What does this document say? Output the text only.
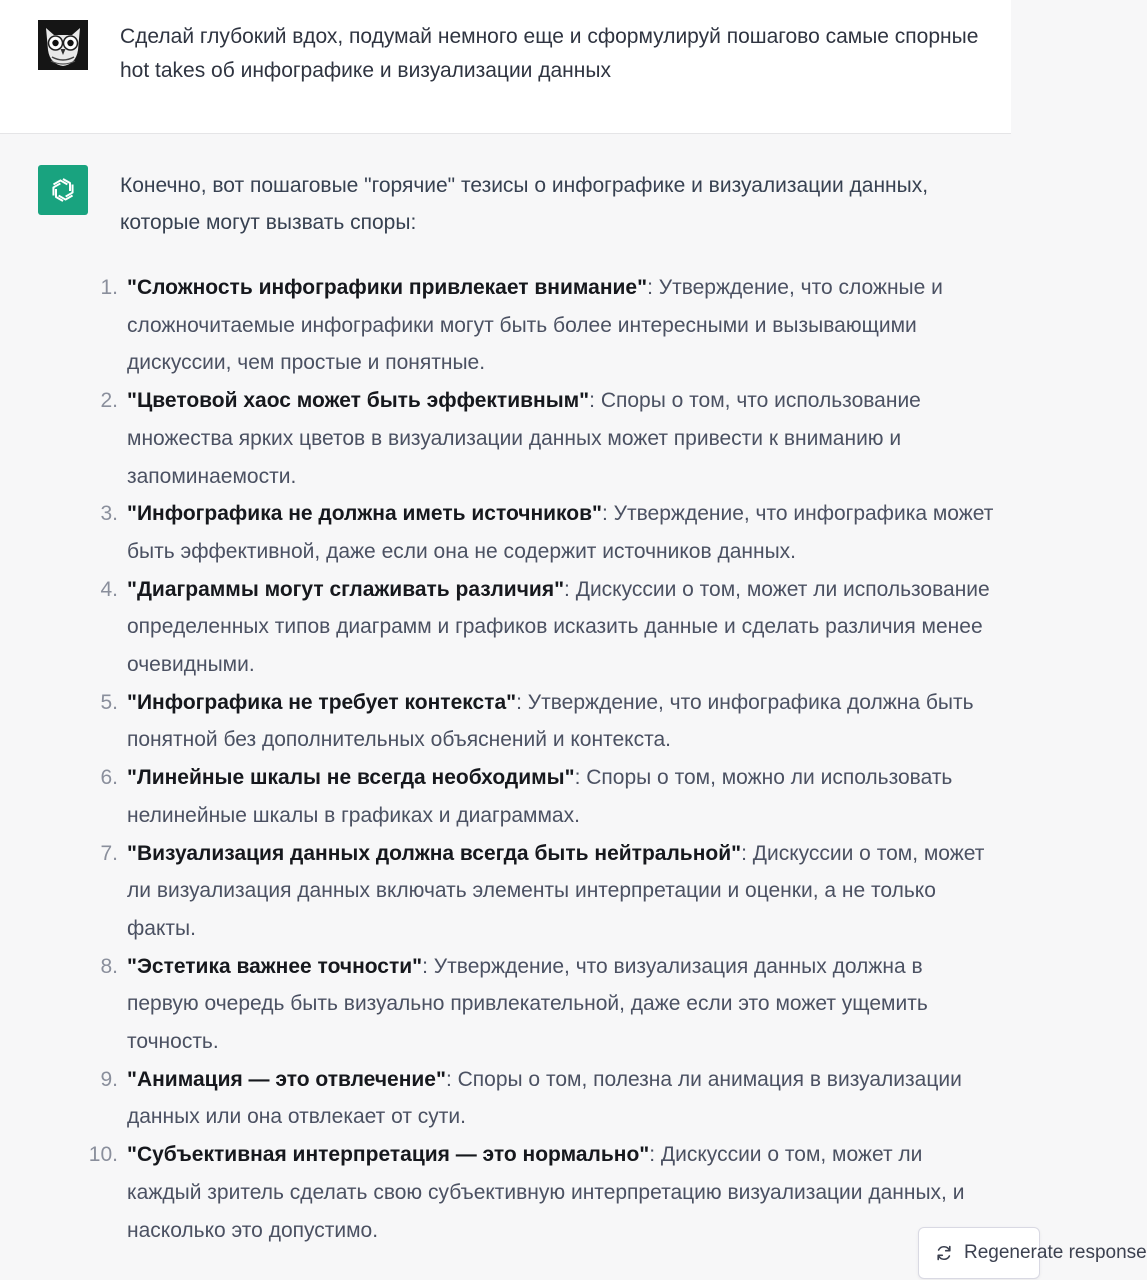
Сделай глубокий вдох, подумай немного еще и сформулируй пошагово самые спорные hot takes об инфографике и визуализации данных

Конечно, вот пошаговые "горячие" тезисы о инфографике и визуализации данных, которые могут вызвать споры:

1. "Сложность инфографики привлекает внимание": Утверждение, что сложные и сложночитаемые инфографики могут быть более интересными и вызывающими дискуссии, чем простые и понятные.
2. "Цветовой хаос может быть эффективным": Споры о том, что использование множества ярких цветов в визуализации данных может привести к вниманию и запоминаемости.
3. "Инфографика не должна иметь источников": Утверждение, что инфографика может быть эффективной, даже если она не содержит источников данных.
4. "Диаграммы могут сглаживать различия": Дискуссии о том, может ли использование определенных типов диаграмм и графиков исказить данные и сделать различия менее очевидными.
5. "Инфографика не требует контекста": Утверждение, что инфографика должна быть понятной без дополнительных объяснений и контекста.
6. "Линейные шкалы не всегда необходимы": Споры о том, можно ли использовать нелинейные шкалы в графиках и диаграммах.
7. "Визуализация данных должна всегда быть нейтральной": Дискуссии о том, может ли визуализация данных включать элементы интерпретации и оценки, а не только факты.
8. "Эстетика важнее точности": Утверждение, что визуализация данных должна в первую очередь быть визуально привлекательной, даже если это может ущемить точность.
9. "Анимация — это отвлечение": Споры о том, полезна ли анимация в визуализации данных или она отвлекает от сути.
10. "Субъективная интерпретация — это нормально": Дискуссии о том, может ли каждый зритель сделать свою субъективную интерпретацию визуализации данных, и насколько это допустимо.
Regenerate response
